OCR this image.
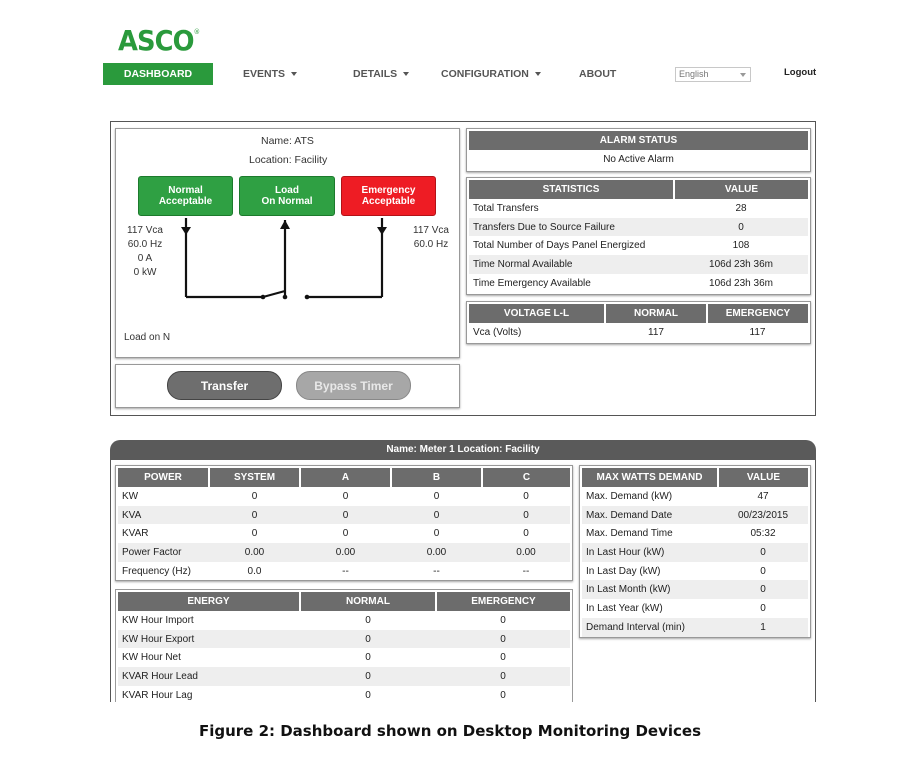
ASCO®
DASHBOARD	EVENTS	DETAILS	CONFIGURATION	ABOUT	English	Logout
Name: ATS
Location: Facility
Normal
Acceptable
Load
On Normal
Emergency
Acceptable
117 Vca
60.0 Hz
0 A
0 kW
117 Vca
60.0 Hz
Load on N
Transfer	Bypass Timer
ALARM STATUS
No Active Alarm
STATISTICS	VALUE
Total Transfers	28
Transfers Due to Source Failure	0
Total Number of Days Panel Energized	108
Time Normal Available	106d 23h 36m
Time Emergency Available	106d 23h 36m
VOLTAGE L-L	NORMAL	EMERGENCY
Vca (Volts)	117	117
Name: Meter 1 Location: Facility
POWER	SYSTEM	A	B	C
KW	0	0	0	0
KVA	0	0	0	0
KVAR	0	0	0	0
Power Factor	0.00	0.00	0.00	0.00
Frequency (Hz)	0.0	--	--	--
ENERGY	NORMAL	EMERGENCY
KW Hour Import	0	0
KW Hour Export	0	0
KW Hour Net	0	0
KVAR Hour Lead	0	0
KVAR Hour Lag	0	0
MAX WATTS DEMAND	VALUE
Max. Demand (kW)	47
Max. Demand Date	00/23/2015
Max. Demand Time	05:32
In Last Hour (kW)	0
In Last Day (kW)	0
In Last Month (kW)	0
In Last Year (kW)	0
Demand Interval (min)	1
Figure 2: Dashboard shown on Desktop Monitoring Devices
